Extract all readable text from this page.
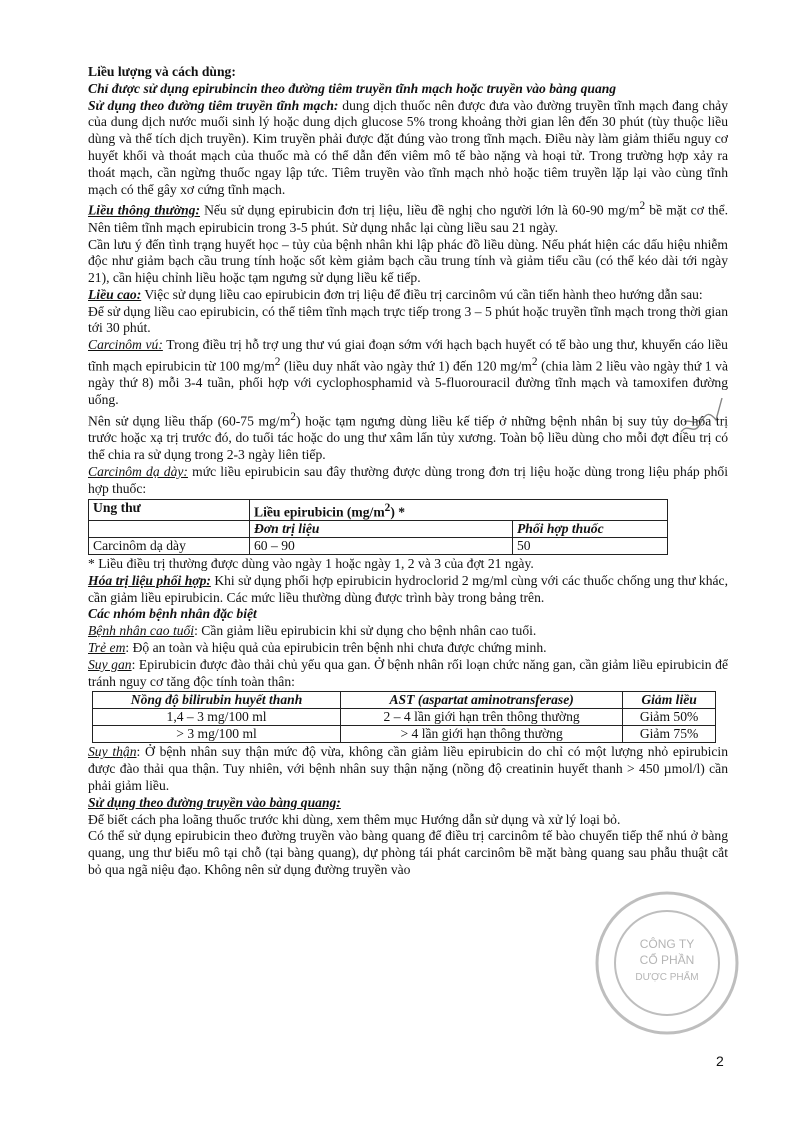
Liều lượng và cách dùng:

Chỉ được sử dụng epirubincin theo đường tiêm truyền tĩnh mạch hoặc truyền vào bàng quang

Sử dụng theo đường tiêm truyền tĩnh mạch: dung dịch thuốc nên được đưa vào đường truyền tĩnh mạch đang chảy của dung dịch nước muối sinh lý hoặc dung dịch glucose 5% trong khoảng thời gian lên đến 30 phút (tùy thuộc liều dùng và thể tích dịch truyền). Kim truyền phải được đặt đúng vào trong tĩnh mạch. Điều này làm giảm thiểu nguy cơ huyết khối và thoát mạch của thuốc mà có thể dẫn đến viêm mô tế bào nặng và hoại tử. Trong trường hợp xảy ra thoát mạch, cần ngừng thuốc ngay lập tức. Tiêm truyền vào tĩnh mạch nhỏ hoặc tiêm truyền lặp lại vào cùng tĩnh mạch có thể gây xơ cứng tĩnh mạch.

Liều thông thường: Nếu sử dụng epirubicin đơn trị liệu, liều đề nghị cho người lớn là 60-90 $mg/m^2$ bề mặt cơ thể. Nên tiêm tĩnh mạch epirubicin trong 3-5 phút. Sử dụng nhắc lại cùng liều sau 21 ngày.

Cần lưu ý đến tình trạng huyết học – tủy của bệnh nhân khi lập phác đồ liều dùng. Nếu phát hiện các dấu hiệu nhiễm độc như giảm bạch cầu trung tính hoặc sốt kèm giảm bạch cầu trung tính và giảm tiểu cầu (có thể kéo dài tới ngày 21), cần hiệu chỉnh liều hoặc tạm ngưng sử dụng liều kế tiếp.

Liều cao: Việc sử dụng liều cao epirubicin đơn trị liệu để điều trị carcinôm vú cần tiến hành theo hướng dẫn sau:

Để sử dụng liều cao epirubicin, có thể tiêm tĩnh mạch trực tiếp trong 3 – 5 phút hoặc truyền tĩnh mạch trong thời gian tới 30 phút.

Carcinôm vú: Trong điều trị hỗ trợ ung thư vú giai đoạn sớm với hạch bạch huyết có tế bào ung thư, khuyến cáo liều tĩnh mạch epirubicin từ 100 $mg/m^2$ (liều duy nhất vào ngày thứ 1) đến 120 $mg/m^2$ (chia làm 2 liều vào ngày thứ 1 và ngày thứ 8) mỗi 3-4 tuần, phối hợp với cyclophosphamid và 5-fluorouracil đường tĩnh mạch và tamoxifen đường uống.

Nên sử dụng liều thấp (60-75 $mg/m^2$) hoặc tạm ngưng dùng liều kế tiếp ở những bệnh nhân bị suy tủy do hóa trị trước hoặc xạ trị trước đó, do tuổi tác hoặc do ung thư xâm lấn tủy xương. Toàn bộ liều dùng cho mỗi đợt điều trị có thể chia ra sử dụng trong 2-3 ngày liên tiếp.

Carcinôm dạ dày: mức liều epirubicin sau đây thường được dùng trong đơn trị liệu hoặc dùng trong liệu pháp phối hợp thuốc:

Ung thư	Liều epirubicin $(mg/m^2)$ *	
	Đơn trị liệu	Phối hợp thuốc
Carcinôm dạ dày	60 – 90	50

* Liều điều trị thường được dùng vào ngày 1 hoặc ngày 1, 2 và 3 của đợt 21 ngày.

Hóa trị liệu phối hợp: Khi sử dụng phối hợp epirubicin hydroclorid 2 mg/ml cùng với các thuốc chống ung thư khác, cần giảm liều epirubicin. Các mức liều thường dùng được trình bày trong bảng trên.

Các nhóm bệnh nhân đặc biệt

Bệnh nhân cao tuổi: Cần giảm liều epirubicin khi sử dụng cho bệnh nhân cao tuổi.

Trẻ em: Độ an toàn và hiệu quả của epirubicin trên bệnh nhi chưa được chứng minh.

Suy gan: Epirubicin được đào thải chủ yếu qua gan. Ở bệnh nhân rối loạn chức năng gan, cần giảm liều epirubicin để tránh nguy cơ tăng độc tính toàn thân:

Nồng độ bilirubin huyết thanh	AST (aspartat aminotransferase)	Giảm liều
1,4 – 3 mg/100 ml	2 – 4 lần giới hạn trên thông thường	Giảm 50%
> 3 mg/100 ml	> 4 lần giới hạn thông thường	Giảm 75%

Suy thận: Ở bệnh nhân suy thận mức độ vừa, không cần giảm liều epirubicin do chỉ có một lượng nhỏ epirubicin được đào thải qua thận. Tuy nhiên, với bệnh nhân suy thận nặng (nồng độ creatinin huyết thanh > 450 µmol/l) cần phải giảm liều.

Sử dụng theo đường truyền vào bàng quang:

Để biết cách pha loãng thuốc trước khi dùng, xem thêm mục Hướng dẫn sử dụng và xử lý loại bỏ.

Có thể sử dụng epirubicin theo đường truyền vào bàng quang để điều trị carcinôm tế bào chuyển tiếp thể nhú ở bàng quang, ung thư biểu mô tại chỗ (tại bàng quang), dự phòng tái phát carcinôm bề mặt bàng quang sau phẫu thuật cắt bỏ qua ngã niệu đạo. Không nên sử dụng đường truyền vào

CÔNG TY
CỔ PHẦN
DƯỢC PHẨM
2
